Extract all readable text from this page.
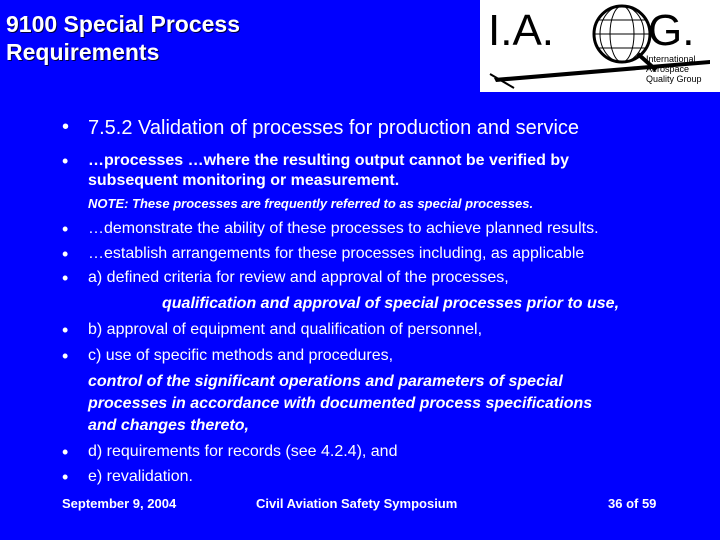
9100 Special Process
Requirements	I.A. G.
International Aerospace
Quality Group
• 7.5.2 Validation of processes for production and service
• …processes …where the resulting output cannot be verified by
subsequent monitoring or measurement.
NOTE: These processes are frequently referred to as special processes.
• …demonstrate the ability of these processes to achieve planned results.
• …establish arrangements for these processes including, as applicable
• a) defined criteria for review and approval of the processes,
qualification and approval of special processes prior to use,
• b) approval of equipment and qualification of personnel,
• c) use of specific methods and procedures,
control of the significant operations and parameters of special
processes in accordance with documented process specifications
and changes thereto,
• d) requirements for records (see 4.2.4), and
• e) revalidation.
September 9, 2004	Civil Aviation Safety Symposium	36 of 59
